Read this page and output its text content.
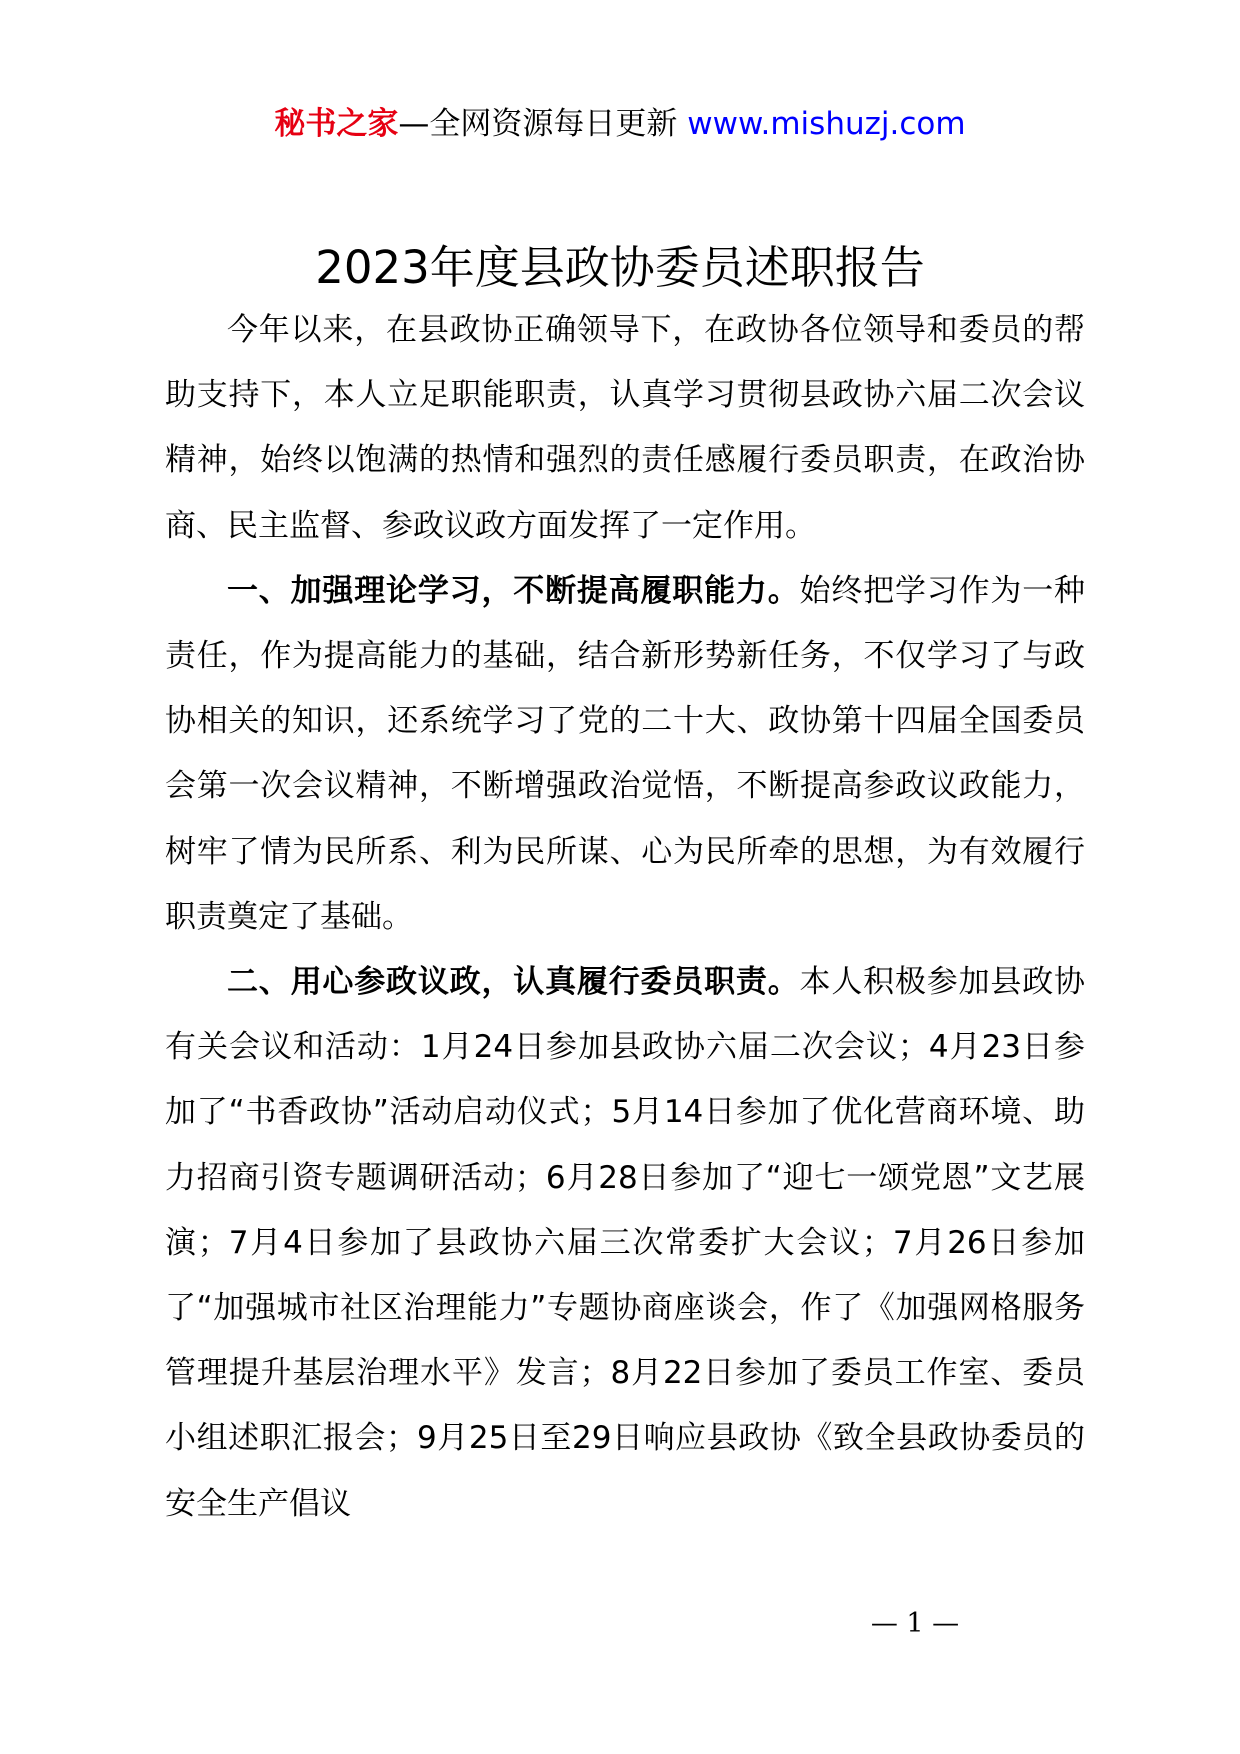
秘书之家—全网资源每日更新 www.mishuzj.com
2023年度县政协委员述职报告

今年以来，在县政协正确领导下，在政协各位领导和委员的帮助支持下，本人立足职能职责，认真学习贯彻县政协六届二次会议精神，始终以饱满的热情和强烈的责任感履行委员职责，在政治协商、民主监督、参政议政方面发挥了一定作用。

一、加强理论学习，不断提高履职能力。始终把学习作为一种责任，作为提高能力的基础，结合新形势新任务，不仅学习了与政协相关的知识，还系统学习了党的二十大、政协第十四届全国委员会第一次会议精神，不断增强政治觉悟，不断提高参政议政能力，树牢了情为民所系、利为民所谋、心为民所牵的思想，为有效履行职责奠定了基础。

二、用心参政议政，认真履行委员职责。本人积极参加县政协有关会议和活动：1月24日参加县政协六届二次会议；4月23日参加了“书香政协”活动启动仪式；5月14日参加了优化营商环境、助力招商引资专题调研活动；6月28日参加了“迎七一颂党恩”文艺展演；7月4日参加了县政协六届三次常委扩大会议；7月26日参加了“加强城市社区治理能力”专题协商座谈会，作了《加强网格服务管理提升基层治理水平》发言；8月22日参加了委员工作室、委员小组述职汇报会；9月25日至29日响应县政协《致全县政协委员的安全生产倡议

— 1 —
